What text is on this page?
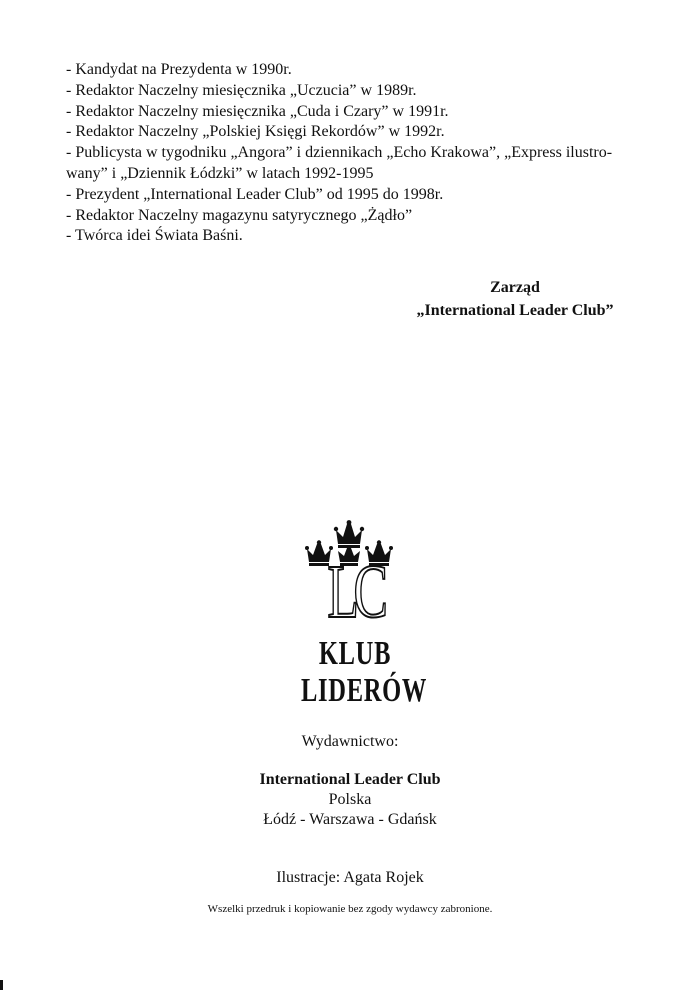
- Kandydat na Prezydenta w 1990r.
- Redaktor Naczelny miesięcznika „Uczucia” w 1989r.
- Redaktor Naczelny miesięcznika „Cuda i Czary” w 1991r.
- Redaktor Naczelny „Polskiej Księgi Rekordów” w 1992r.
- Publicysta w tygodniku „Angora” i dziennikach „Echo Krakowa”, „Express ilustro-
wany” i „Dziennik Łódzki” w latach 1992-1995
- Prezydent „International Leader Club” od 1995 do 1998r.
- Redaktor Naczelny magazynu satyrycznego „Żądło”
- Twórca idei Świata Baśni.
Zarząd
„International Leader Club”
LC
KLUB
LIDERÓW
Wydawnictwo:
International Leader Club
Polska
Łódź - Warszawa - Gdańsk
Ilustracje: Agata Rojek
Wszelki przedruk i kopiowanie bez zgody wydawcy zabronione.
